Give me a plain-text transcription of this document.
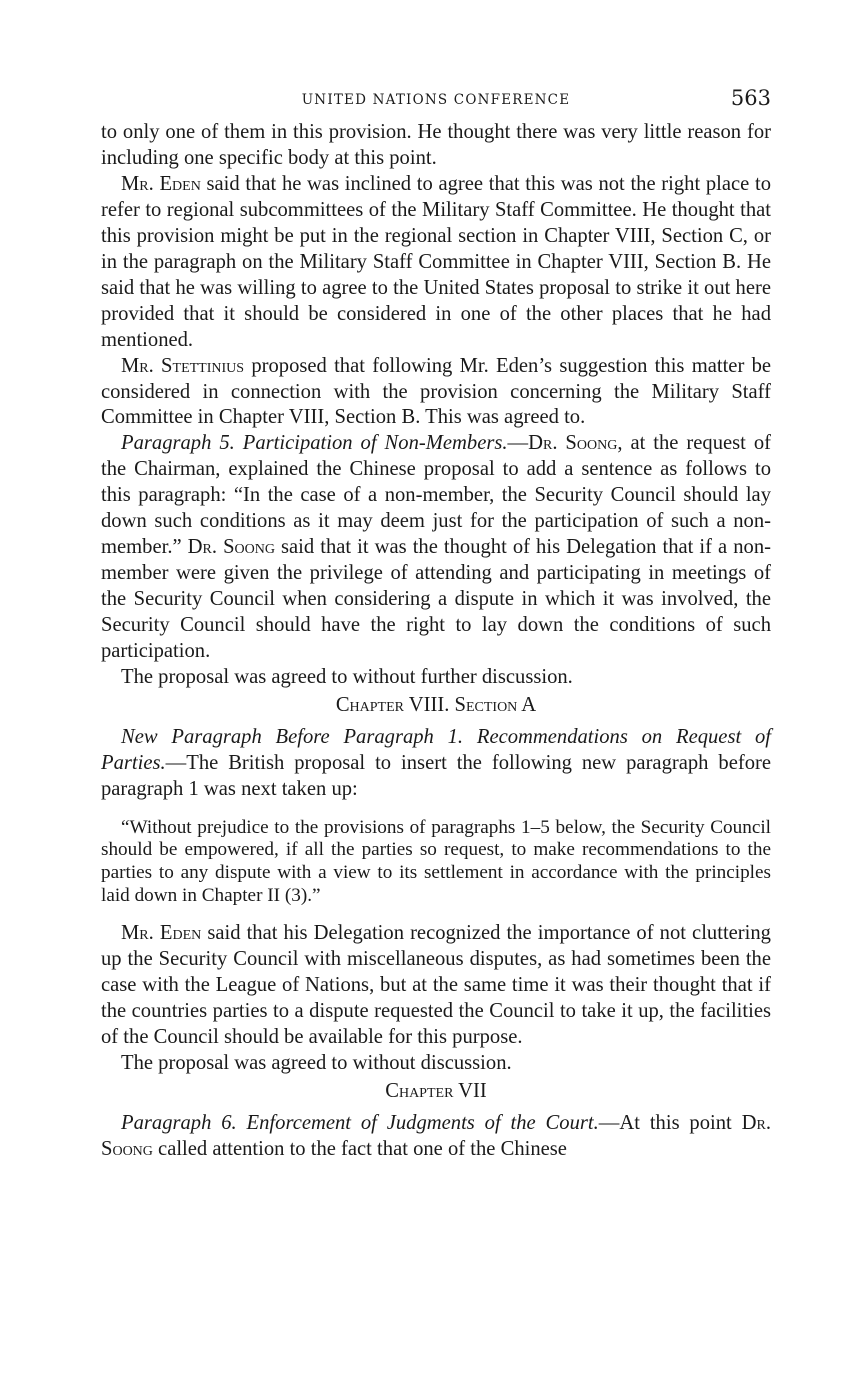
UNITED NATIONS CONFERENCE	563

to only one of them in this provision. He thought there was very little reason for including one specific body at this point.

Mr. Eden said that he was inclined to agree that this was not the right place to refer to regional subcommittees of the Military Staff Committee. He thought that this provision might be put in the regional section in Chapter VIII, Section C, or in the paragraph on the Military Staff Committee in Chapter VIII, Section B. He said that he was willing to agree to the United States proposal to strike it out here provided that it should be considered in one of the other places that he had mentioned.

Mr. Stettinius proposed that following Mr. Eden’s suggestion this matter be considered in connection with the provision concerning the Military Staff Committee in Chapter VIII, Section B. This was agreed to.

Paragraph 5. Participation of Non-Members.—Dr. Soong, at the request of the Chairman, explained the Chinese proposal to add a sentence as follows to this paragraph: “In the case of a non-member, the Security Council should lay down such conditions as it may deem just for the participation of such a non-member.” Dr. Soong said that it was the thought of his Delegation that if a non-member were given the privilege of attending and participating in meetings of the Security Council when considering a dispute in which it was involved, the Security Council should have the right to lay down the conditions of such participation.

The proposal was agreed to without further discussion.

Chapter VIII. Section A

New Paragraph Before Paragraph 1. Recommendations on Request of Parties.—The British proposal to insert the following new paragraph before paragraph 1 was next taken up:

“Without prejudice to the provisions of paragraphs 1–5 below, the Security Council should be empowered, if all the parties so request, to make recommendations to the parties to any dispute with a view to its settlement in accordance with the principles laid down in Chapter II (3).”

Mr. Eden said that his Delegation recognized the importance of not cluttering up the Security Council with miscellaneous disputes, as had sometimes been the case with the League of Nations, but at the same time it was their thought that if the countries parties to a dispute requested the Council to take it up, the facilities of the Council should be available for this purpose.

The proposal was agreed to without discussion.

Chapter VII

Paragraph 6. Enforcement of Judgments of the Court.—At this point Dr. Soong called attention to the fact that one of the Chinese
